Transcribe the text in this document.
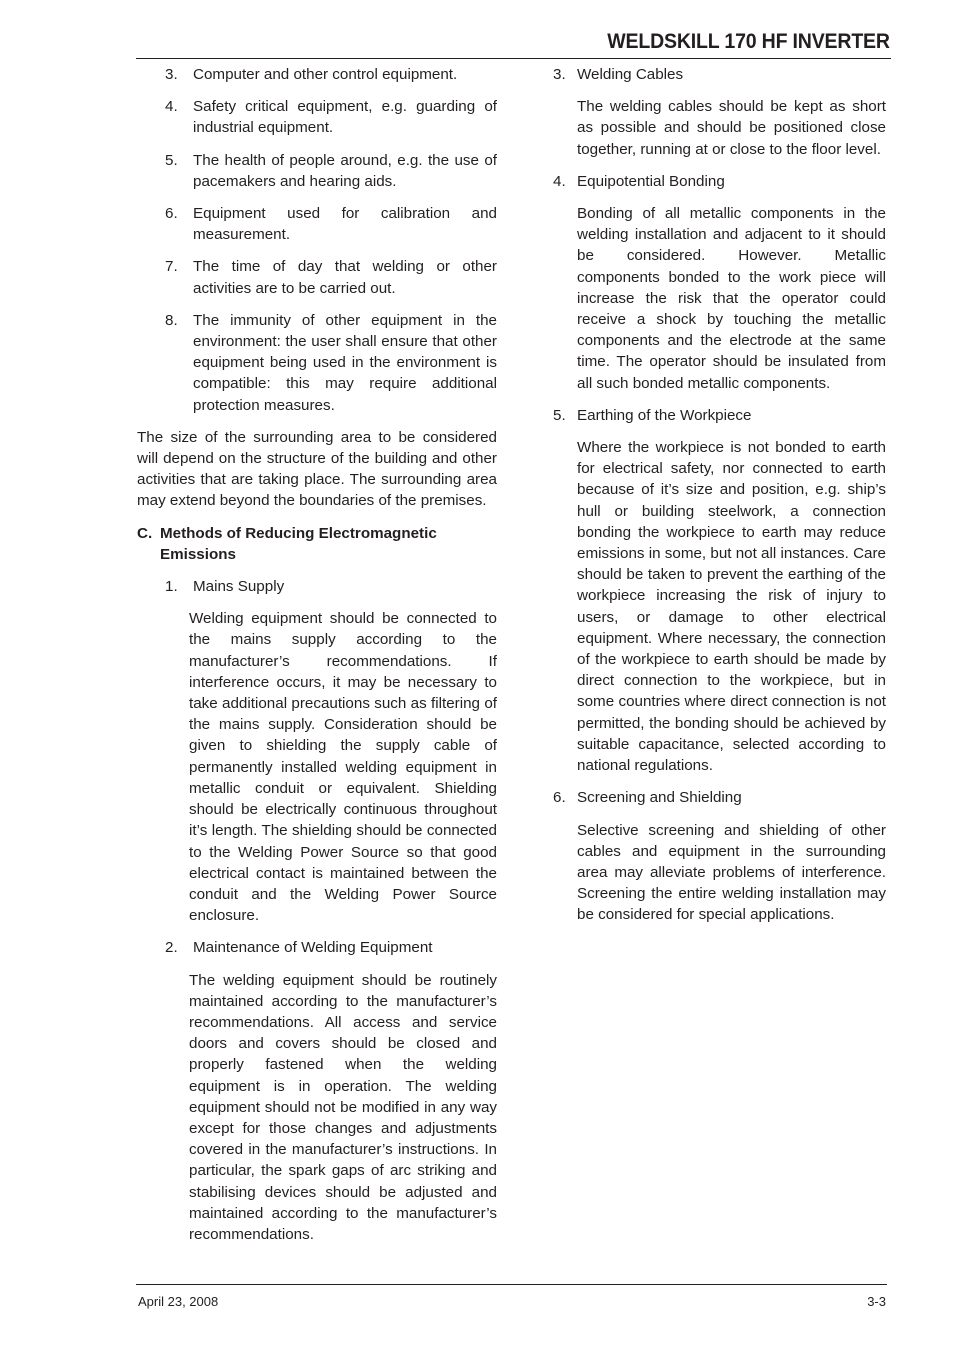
WELDSKILL 170 HF INVERTER
3.	Computer and other control equipment.
4.	Safety critical equipment, e.g. guarding of industrial equipment.
5.	The health of people around, e.g. the use of pacemakers and hearing aids.
6.	Equipment used for calibration and measurement.
7.	The time of day that welding or other activities are to be carried out.
8.	The immunity of other equipment in the environment: the user shall ensure that other equipment being used in the environment is compatible: this may require additional protection measures.

The size of the surrounding area to be considered will depend on the structure of the building and other activities that are taking place. The surrounding area may extend beyond the boundaries of the premises.

C. Methods of Reducing Electromagnetic Emissions
1.	Mains Supply

Welding equipment should be connected to the mains supply according to the manufacturer’s recommendations. If interference occurs, it may be necessary to take additional precautions such as filtering of the mains supply. Consideration should be given to shielding the supply cable of permanently installed welding equipment in metallic conduit or equivalent. Shielding should be electrically continuous throughout it’s length. The shielding should be connected to the Welding Power Source so that good electrical contact is maintained between the conduit and the Welding Power Source enclosure.

2.	Maintenance of Welding Equipment

The welding equipment should be routinely maintained according to the manufacturer’s recommendations. All access and service doors and covers should be closed and properly fastened when the welding equipment is in operation. The welding equipment should not be modified in any way except for those changes and adjustments covered in the manufacturer’s instructions. In particular, the spark gaps of arc striking and stabilising devices should be adjusted and maintained according to the manufacturer’s recommendations.

3. Welding Cables

The welding cables should be kept as short as possible and should be positioned close together, running at or close to the floor level.

4. Equipotential Bonding

Bonding of all metallic components in the welding installation and adjacent to it should be considered. However. Metallic components bonded to the work piece will increase the risk that the operator could receive a shock by touching the metallic components and the electrode at the same time. The operator should be insulated from all such bonded metallic components.

5. Earthing of the Workpiece

Where the workpiece is not bonded to earth for electrical safety, nor connected to earth because of it’s size and position, e.g. ship’s hull or building steelwork, a connection bonding the workpiece to earth may reduce emissions in some, but not all instances. Care should be taken to prevent the earthing of the workpiece increasing the risk of injury to users, or damage to other electrical equipment. Where necessary, the connection of the workpiece to earth should be made by direct connection to the workpiece, but in some countries where direct connection is not permitted, the bonding should be achieved by suitable capacitance, selected according to national regulations.

6. Screening and Shielding

Selective screening and shielding of other cables and equipment in the surrounding area may alleviate problems of interference. Screening the entire welding installation may be considered for special applications.

April 23, 2008	3-3
